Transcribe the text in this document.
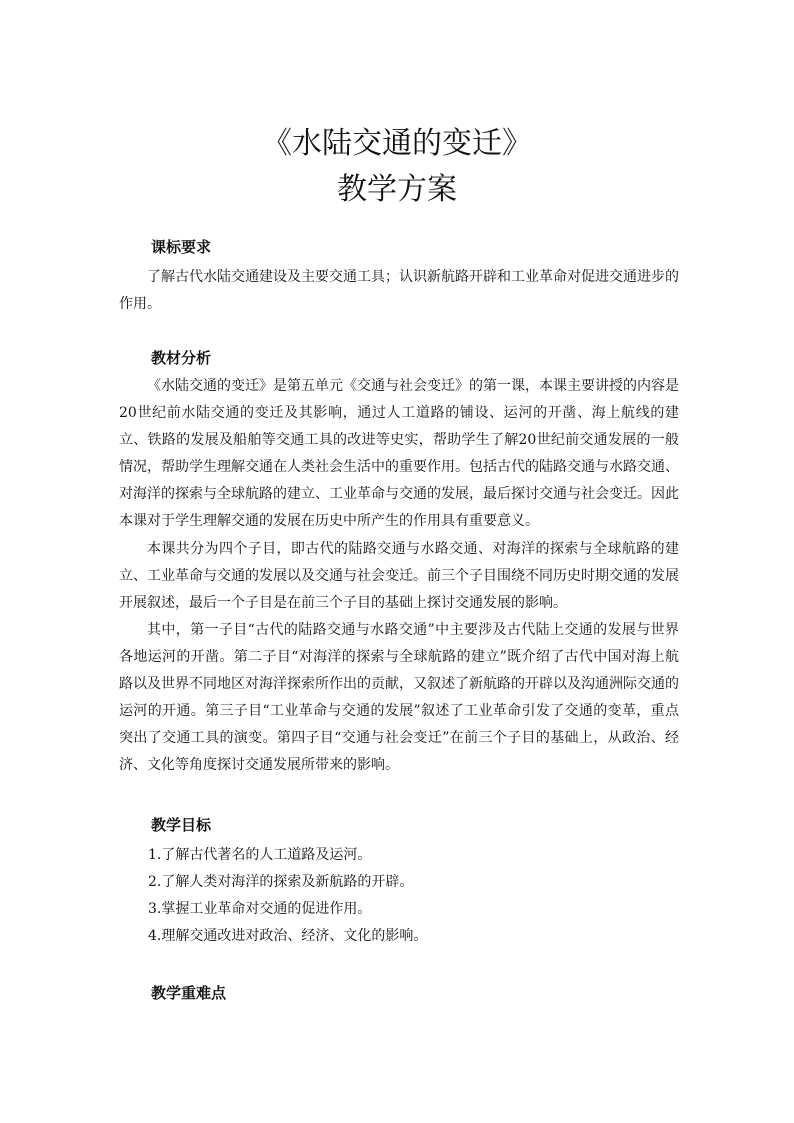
《水陆交通的变迁》
教学方案
课标要求

了解古代水陆交通建设及主要交通工具；认识新航路开辟和工业革命对促进交通进步的作用。

教材分析

《水陆交通的变迁》是第五单元《交通与社会变迁》的第一课，本课主要讲授的内容是20世纪前水陆交通的变迁及其影响，通过人工道路的铺设、运河的开凿、海上航线的建立、铁路的发展及船舶等交通工具的改进等史实，帮助学生了解20世纪前交通发展的一般情况，帮助学生理解交通在人类社会生活中的重要作用。包括古代的陆路交通与水路交通、对海洋的探索与全球航路的建立、工业革命与交通的发展，最后探讨交通与社会变迁。因此本课对于学生理解交通的发展在历史中所产生的作用具有重要意义。

本课共分为四个子目，即古代的陆路交通与水路交通、对海洋的探索与全球航路的建立、工业革命与交通的发展以及交通与社会变迁。前三个子目围绕不同历史时期交通的发展开展叙述，最后一个子目是在前三个子目的基础上探讨交通发展的影响。

其中，第一子目“古代的陆路交通与水路交通”中主要涉及古代陆上交通的发展与世界各地运河的开凿。第二子目“对海洋的探索与全球航路的建立”既介绍了古代中国对海上航路以及世界不同地区对海洋探索所作出的贡献，又叙述了新航路的开辟以及沟通洲际交通的运河的开通。第三子目“工业革命与交通的发展”叙述了工业革命引发了交通的变革，重点突出了交通工具的演变。第四子目“交通与社会变迁”在前三个子目的基础上，从政治、经济、文化等角度探讨交通发展所带来的影响。

教学目标

1.了解古代著名的人工道路及运河。

2.了解人类对海洋的探索及新航路的开辟。

3.掌握工业革命对交通的促进作用。

4.理解交通改进对政治、经济、文化的影响。

教学重难点
